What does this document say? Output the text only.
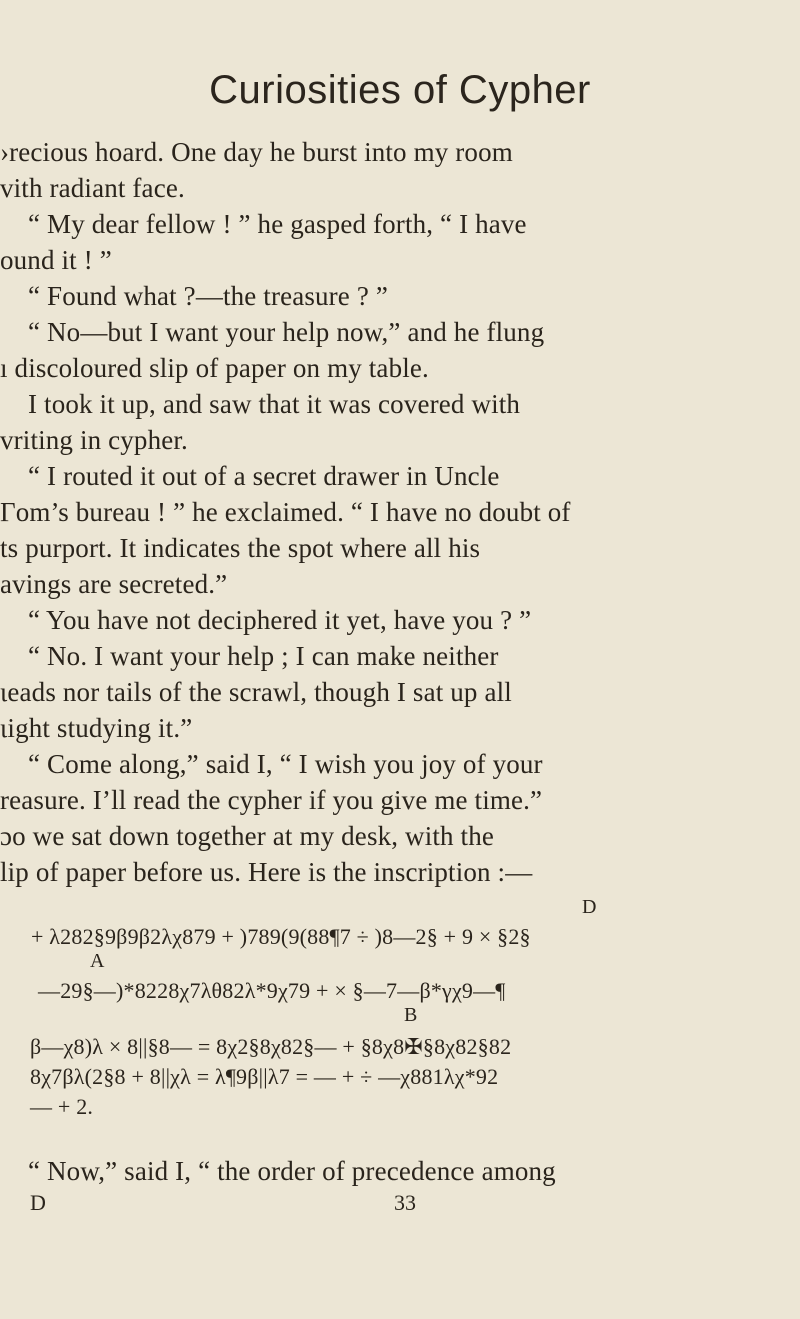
Curiosities of Cypher
›recious hoard. One day he burst into my room
vith radiant face.
“ My dear fellow ! ” he gasped forth, “ I have
ound it ! ”
“ Found what ?—the treasure ? ”
“ No—but I want your help now,” and he flung
ı discoloured slip of paper on my table.
I took it up, and saw that it was covered with
vriting in cypher.
“ I routed it out of a secret drawer in Uncle
Γom’s bureau ! ” he exclaimed. “ I have no doubt of
ts purport. It indicates the spot where all his
avings are secreted.”
“ You have not deciphered it yet, have you ? ”
“ No. I want your help ; I can make neither
ιeads nor tails of the scrawl, though I sat up all
ιight studying it.”
“ Come along,” said I, “ I wish you joy of your
reasure. I’ll read the cypher if you give me time.”
ɔo we sat down together at my desk, with the
lip of paper before us. Here is the inscription :—
D
+ λ282§9β9β2λχ879 + )789(9(88¶7 ÷ )8—2§ + 9 × §2§
A
—29§—)*8228χ7λθ82λ*9χ79 + × §—7—β*γχ9—¶
B
β—χ8)λ × 8||§8— = 8χ2§8χ82§— + §8χ8✠§8χ82§82
8χ7βλ(2§8 + 8||χλ = λ¶9β||λ7 = — + ÷ —χ881λχ*92
— + 2.
“ Now,” said I, “ the order of precedence among
D	33
